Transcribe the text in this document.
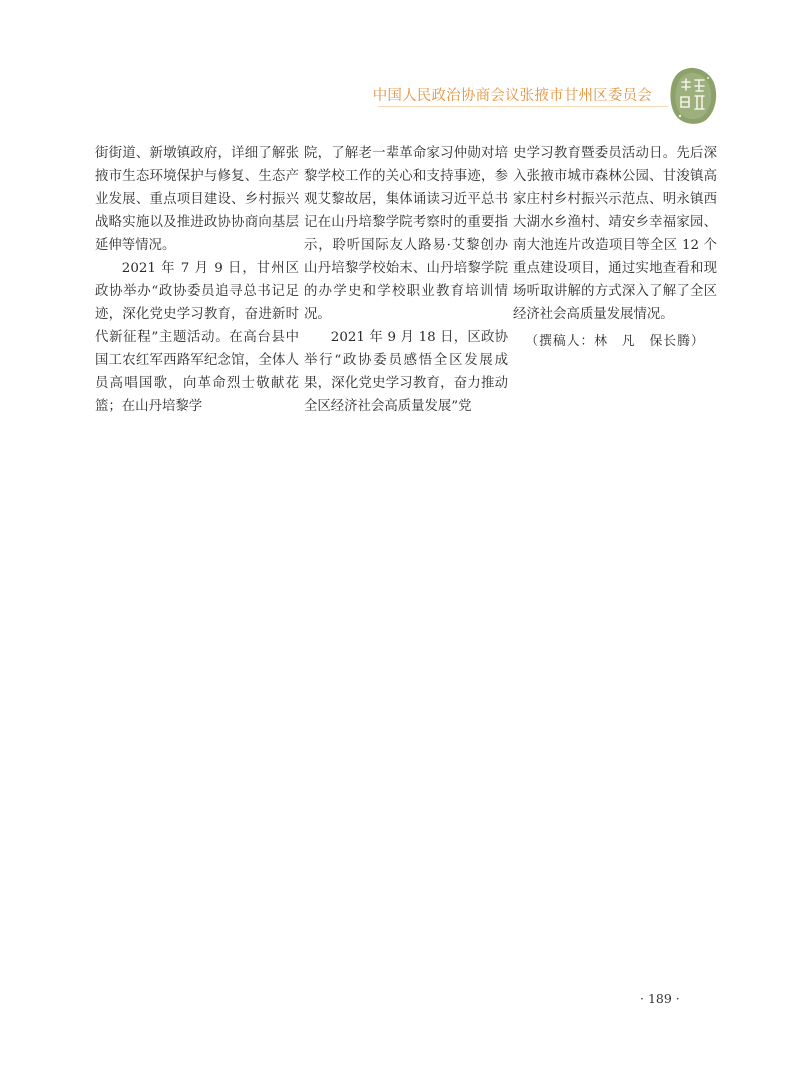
中国人民政治协商会议张掖市甘州区委员会

街街道、新墩镇政府，详细了解张掖市生态环境保护与修复、生态产业发展、重点项目建设、乡村振兴战略实施以及推进政协协商向基层延伸等情况。

2021 年 7 月 9 日，甘州区政协举办“政协委员追寻总书记足迹，深化党史学习教育，奋进新时代新征程”主题活动。在高台县中国工农红军西路军纪念馆，全体人员高唱国歌，向革命烈士敬献花篮；在山丹培黎学

院，了解老一辈革命家习仲勋对培黎学校工作的关心和支持事迹，参观艾黎故居，集体诵读习近平总书记在山丹培黎学院考察时的重要指示，聆听国际友人路易·艾黎创办山丹培黎学校始末、山丹培黎学院的办学史和学校职业教育培训情况。

2021 年 9 月 18 日，区政协举行“政协委员感悟全区发展成果，深化党史学习教育，奋力推动全区经济社会高质量发展”党

史学习教育暨委员活动日。先后深入张掖市城市森林公园、甘浚镇高家庄村乡村振兴示范点、明永镇西大湖水乡渔村、靖安乡幸福家园、南大池连片改造项目等全区 12 个重点建设项目，通过实地查看和现场听取讲解的方式深入了解了全区经济社会高质量发展情况。

（撰稿人：林　凡　保长腾）

· 189 ·
